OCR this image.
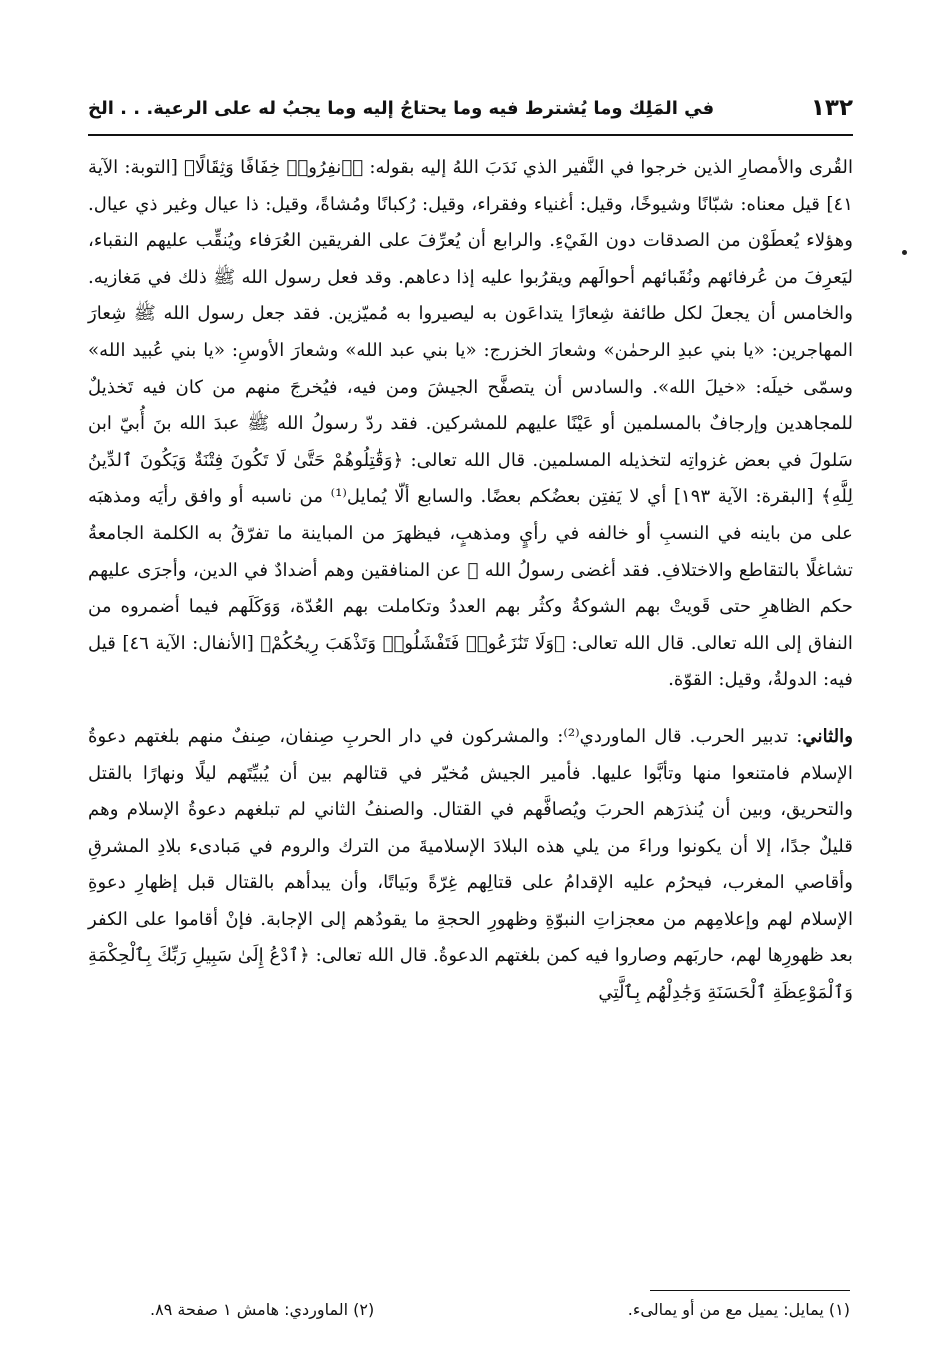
١٣٢
في المَلِك وما يُشترط فيه وما يحتاجُ إليه وما يجبُ له على الرعية. . . الخ

القُرى والأمصارِ الذين خرجوا في النَّفير الذي نَدَبَ اللهُ إليه بقوله: ﴿ٱنفِرُوا۟ خِفَافًا وَثِقَالًا﴾ [التوبة: الآية ٤١] قيل معناه: شبّانًا وشيوخًا، وقيل: أغنياء وفقراء، وقيل: رُكبانًا ومُشاةً، وقيل: ذا عيال وغير ذي عيال. وهؤلاء يُعطَوْن من الصدقات دون الفَيْءِ. والرابع أن يُعرِّفَ على الفريقين العُرَفاء ويُنقِّب عليهم النقباء، ليَعرِفَ من عُرفائهم ونُقَبائهم أحوالَهم ويقرُبوا عليه إذا دعاهم. وقد فعل رسول الله ﷺ ذلك في مَغازيه. والخامس أن يجعلَ لكل طائفة شِعارًا يتداعَون به ليصيروا به مُميّزين. فقد جعل رسول الله ﷺ شِعارَ المهاجرين: «يا بني عبدِ الرحمٰن» وشعارَ الخزرج: «يا بني عبد الله» وشعارَ الأوسِ: «يا بني عُبيد الله» وسمّى خيلَه: «خيلَ الله». والسادس أن يتصفَّح الجيشَ ومن فيه، فيُخرجَ منهم من كان فيه تَخذيلٌ للمجاهدين وإرجافٌ بالمسلمين أو عَيْنًا عليهم للمشركين. فقد ردّ رسولُ الله ﷺ عبدَ الله بنَ أُبيّ ابن سَلولَ في بعض غزواتِه لتخذيله المسلمين. قال الله تعالى: ﴿وَقَٰتِلُوهُمْ حَتَّىٰ لَا تَكُونَ فِتْنَةٌ وَيَكُونَ ٱلدِّينُ لِلَّهِ﴾ [البقرة: الآية ١٩٣] أي لا يَفتِن بعضُكم بعضًا. والسابع ألّا يُمايل⁽¹⁾ من ناسبه أو وافق رأيَه ومذهبَه على من باينه في النسبِ أو خالفه في رأيٍ ومذهبٍ، فيظهرَ من المباينة ما تفرّقُ به الكلمة الجامعةُ تشاغلًا بالتقاطع والاختلافِ. فقد أغضى رسولُ الله ﷺ عن المنافقين وهم أضدادٌ في الدين، وأجرَى عليهم حكم الظاهرِ حتى قَويتْ بهم الشوكةُ وكثُر بهم العددُ وتكاملت بهم العُدّة، وَوَكَلَهم فيما أضمروه من النفاق إلى الله تعالى. قال الله تعالى: ﴿وَلَا تَنَٰزَعُوا۟ فَتَفْشَلُوا۟ وَتَذْهَبَ رِيحُكُمْ﴾ [الأنفال: الآية ٤٦] قيل فيه: الدولةُ، وقيل: القوّة.

والثاني: تدبير الحرب. قال الماوردي⁽²⁾: والمشركون في دار الحربِ صِنفان، صِنفٌ منهم بلغتهم دعوةُ الإسلام فامتنعوا منها وتأبَّوا عليها. فأمير الجيش مُخيّر في قتالهم بين أن يُبيِّتَهم ليلًا ونهارًا بالقتل والتحريق، وبين أن يُنذرَهم الحربَ ويُصافَّهم في القتال. والصنفُ الثاني لم تبلغهم دعوةُ الإسلام وهم قليلٌ جدًا، إلا أن يكونوا وراءَ من يلي هذه البلادَ الإسلاميةَ من الترك والروم في مَبادىء بلادِ المشرقِ وأقاصي المغرب، فيحرُم عليه الإقدامُ على قتالِهم غِرّةً وبَياتًا، وأن يبدأهم بالقتال قبل إظهارِ دعوةِ الإسلام لهم وإعلامِهم من معجزاتِ النبوّةِ وظهورِ الحجةِ ما يقودُهم إلى الإجابة. فإنْ أقاموا على الكفر بعد ظهورِها لهم، حاربَهم وصاروا فيه كمن بلغتهم الدعوةُ. قال الله تعالى: ﴿ٱدْعُ إِلَىٰ سَبِيلِ رَبِّكَ بِٱلْحِكْمَةِ وَٱلْمَوْعِظَةِ ٱلْحَسَنَةِ وَجَٰدِلْهُم بِٱلَّتِي

(١) يمايل: يميل مع من أو يمالىء.
(٢) الماوردي: هامش ١ صفحة ٨٩.
